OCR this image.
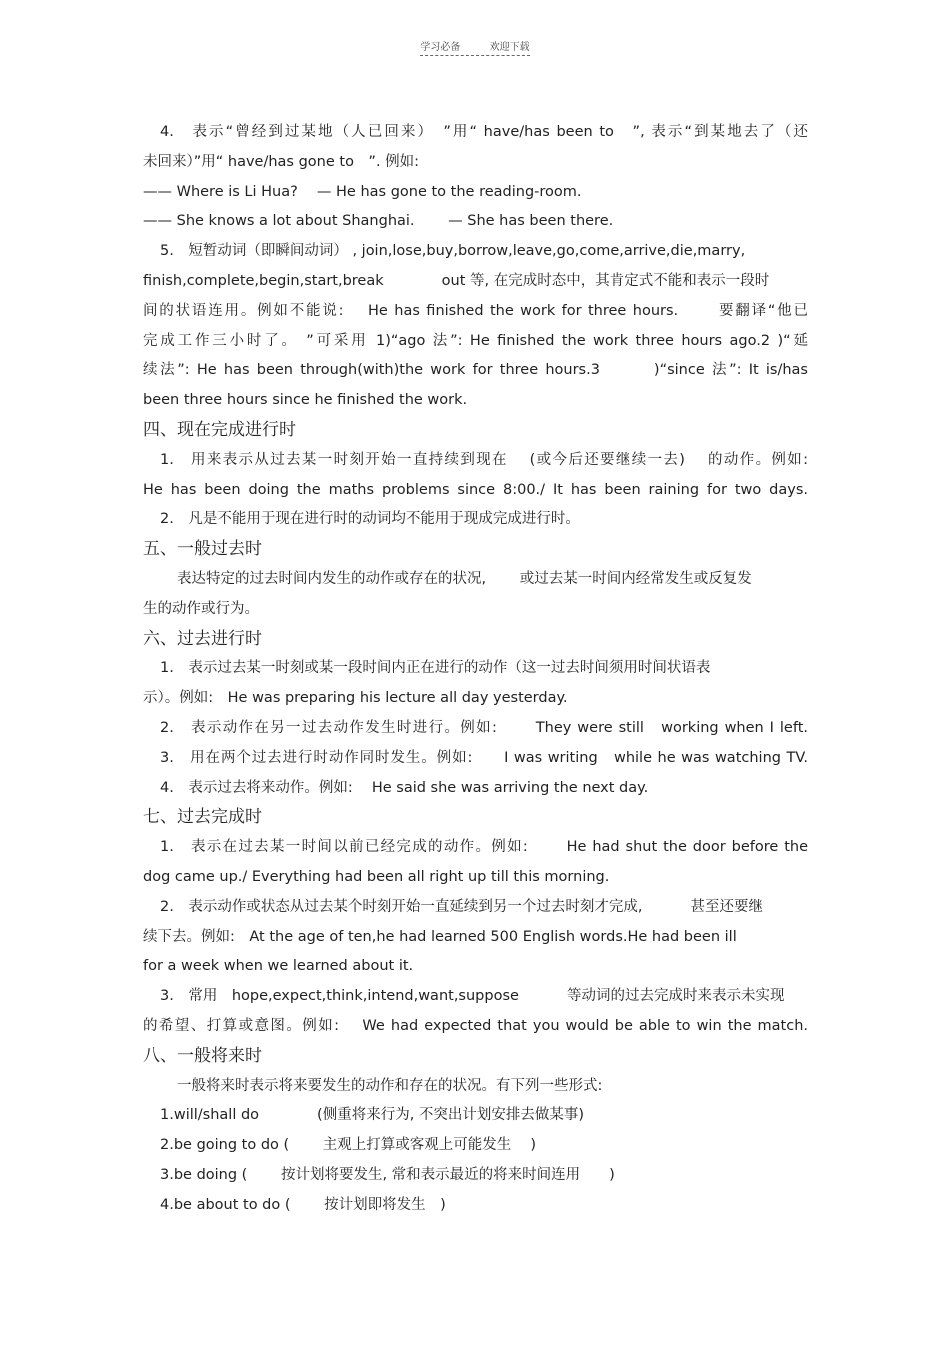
学习必备	欢迎下载
4.　表示“曾经到过某地（人已回来）　”用“ have/has been to　”, 表示“到某地去了（还
未回来）”用“ have/has gone to　”. 例如:
—— Where is Li Hua?　 — He has gone to the reading-room.
—— She knows a lot about Shanghai.　　 — She has been there.
5.　短暂动词（即瞬间动词） , join,lose,buy,borrow,leave,go,come,arrive,die,marry,
finish,complete,begin,start,break　　　　out 等, 在完成时态中，其肯定式不能和表示一段时
间的状语连用。例如不能说:　 He has finished the work for three hours.　　 要翻译“他已
完成工作三小时了。 ”可采用 1)“ago 法”: He finished the work three hours ago.2 )“延
续法”: He has been through(with)the work for three hours.3　　　)“since 法”: It is/has
been three hours since he finished the work.
四、现在完成进行时
1.　用来表示从过去某一时刻开始一直持续到现在　 (或今后还要继续一去)　 的动作。例如:
He has been doing the maths problems since 8:00./ It has been raining for two days.
2.　凡是不能用于现在进行时的动词均不能用于现成完成进行时。
五、一般过去时
表达特定的过去时间内发生的动作或存在的状况,　　 或过去某一时间内经常发生或反复发
生的动作或行为。
六、过去进行时
1.　表示过去某一时刻或某一段时间内正在进行的动作（这一过去时间须用时间状语表
示）。例如:　He was preparing his lecture all day yesterday.
2.　表示动作在另一过去动作发生时进行。例如:　　 They were still　working when I left.
3.　用在两个过去进行时动作同时发生。例如:　　I was writing　while he was watching TV.
4.　表示过去将来动作。例如:　 He said she was arriving the next day.
七、过去完成时
1.　表示在过去某一时间以前已经完成的动作。例如:　　 He had shut the door before the
dog came up./ Everything had been all right up till this morning.
2.　表示动作或状态从过去某个时刻开始一直延续到另一个过去时刻才完成,　　　 甚至还要继
续下去。例如:　At the age of ten,he had learned 500 English words.He had been ill
for a week when we learned about it.
3.　常用　hope,expect,think,intend,want,suppose　　　 等动词的过去完成时来表示未实现
的希望、打算或意图。例如:　 We had expected that you would be able to win the match.
八、一般将来时
一般将来时表示将来要发生的动作和存在的状况。有下列一些形式:
1.will/shall do　　　　(侧重将来行为, 不突出计划安排去做某事)
2.be going to do (　　 主观上打算或客观上可能发生　 )
3.be doing (　　 按计划将要发生, 常和表示最近的将来时间连用　　)
4.be about to do (　　 按计划即将发生　)
